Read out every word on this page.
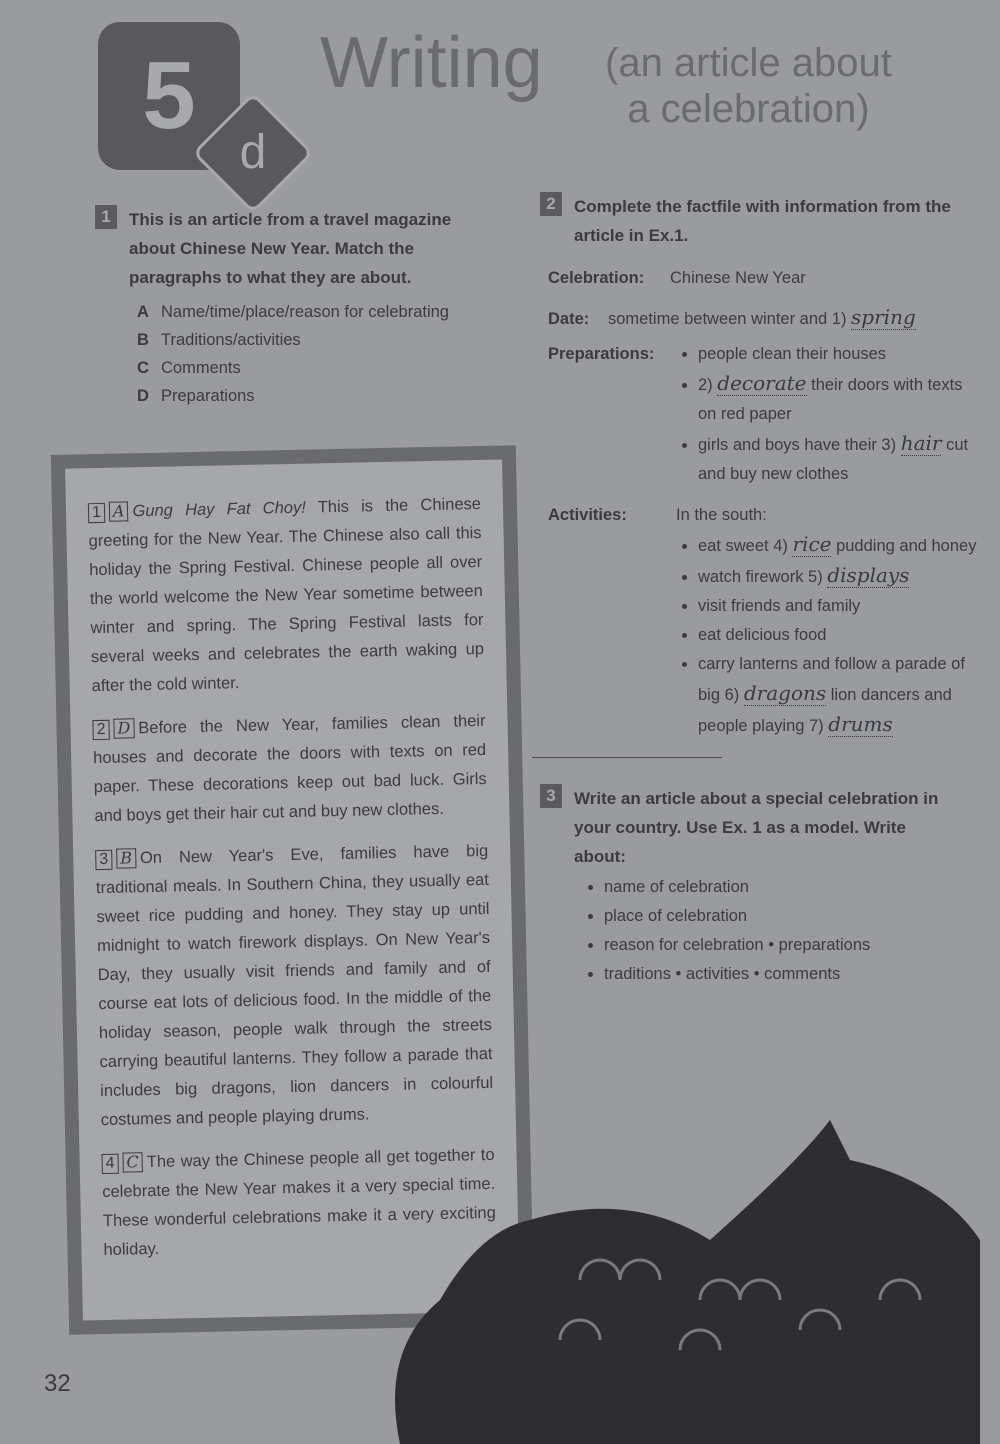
5
d
Writing (an article about
a celebration)
1	This is an article from a travel magazine about Chinese New Year. Match the paragraphs to what they are about.
A Name/time/place/reason for celebrating
B Traditions/activities
C Comments
D Preparations

1 A Gung Hay Fat Choy! This is the Chinese greeting for the New Year. The Chinese also call this holiday the Spring Festival. Chinese people all over the world welcome the New Year sometime between winter and spring. The Spring Festival lasts for several weeks and celebrates the earth waking up after the cold winter.

2 D Before the New Year, families clean their houses and decorate the doors with texts on red paper. These decorations keep out bad luck. Girls and boys get their hair cut and buy new clothes.

3 B On New Year's Eve, families have big traditional meals. In Southern China, they usually eat sweet rice pudding and honey. They stay up until midnight to watch firework displays. On New Year's Day, they usually visit friends and family and of course eat lots of delicious food. In the middle of the holiday season, people walk through the streets carrying beautiful lanterns. They follow a parade that includes big dragons, lion dancers in colourful costumes and people playing drums.

4 C The way the Chinese people all get together to celebrate the New Year makes it a very special time. These wonderful celebrations make it a very exciting holiday.

2	Complete the factfile with information from the article in Ex.1.
Celebration: Chinese New Year
Date: sometime between winter and 1) spring
Preparations:	• people clean their houses
• 2) decorate their doors with texts on red paper
• girls and boys have their 3) hair cut and buy new clothes
Activities:	In the south:
• eat sweet 4) rice pudding and honey
• watch firework 5) displays
• visit friends and family
• eat delicious food
• carry lanterns and follow a parade of big 6) dragons lion dancers and people playing 7) drums
3	Write an article about a special celebration in your country. Use Ex. 1 as a model. Write about:
• name of celebration
• place of celebration
• reason for celebration • preparations
• traditions • activities • comments
32
